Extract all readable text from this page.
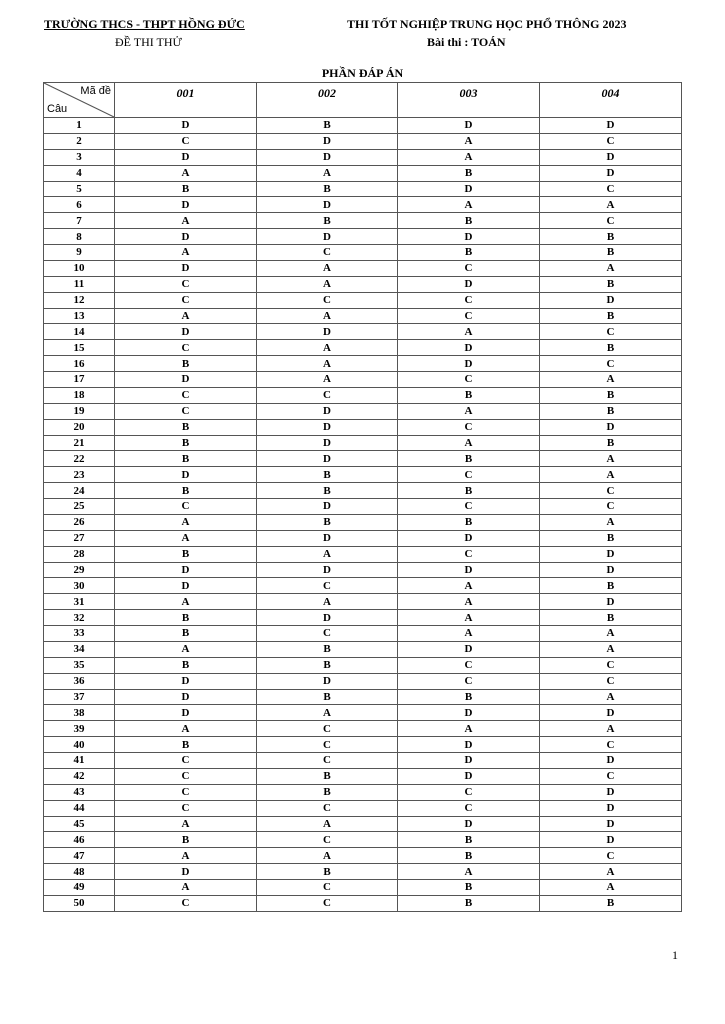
TRƯỜNG THCS - THPT HỒNG ĐỨC
ĐỀ THI THỬ
THI TỐT NGHIỆP TRUNG HỌC PHỔ THÔNG 2023
Bài thi : TOÁN
PHẦN ĐÁP ÁN
Mã đề
Câu	001	002	003	004
1	D	B	D	D
2	C	D	A	C
3	D	D	A	D
4	A	A	B	D
5	B	B	D	C
6	D	D	A	A
7	A	B	B	C
8	D	D	D	B
9	A	C	B	B
10	D	A	C	A
11	C	A	D	B
12	C	C	C	D
13	A	A	C	B
14	D	D	A	C
15	C	A	D	B
16	B	A	D	C
17	D	A	C	A
18	C	C	B	B
19	C	D	A	B
20	B	D	C	D
21	B	D	A	B
22	B	D	B	A
23	D	B	C	A
24	B	B	B	C
25	C	D	C	C
26	A	B	B	A
27	A	D	D	B
28	B	A	C	D
29	D	D	D	D
30	D	C	A	B
31	A	A	A	D
32	B	D	A	B
33	B	C	A	A
34	A	B	D	A
35	B	B	C	C
36	D	D	C	C
37	D	B	B	A
38	D	A	D	D
39	A	C	A	A
40	B	C	D	C
41	C	C	D	D
42	C	B	D	C
43	C	B	C	D
44	C	C	C	D
45	A	A	D	D
46	B	C	B	D
47	A	A	B	C
48	D	B	A	A
49	A	C	B	A
50	C	C	B	B
1
